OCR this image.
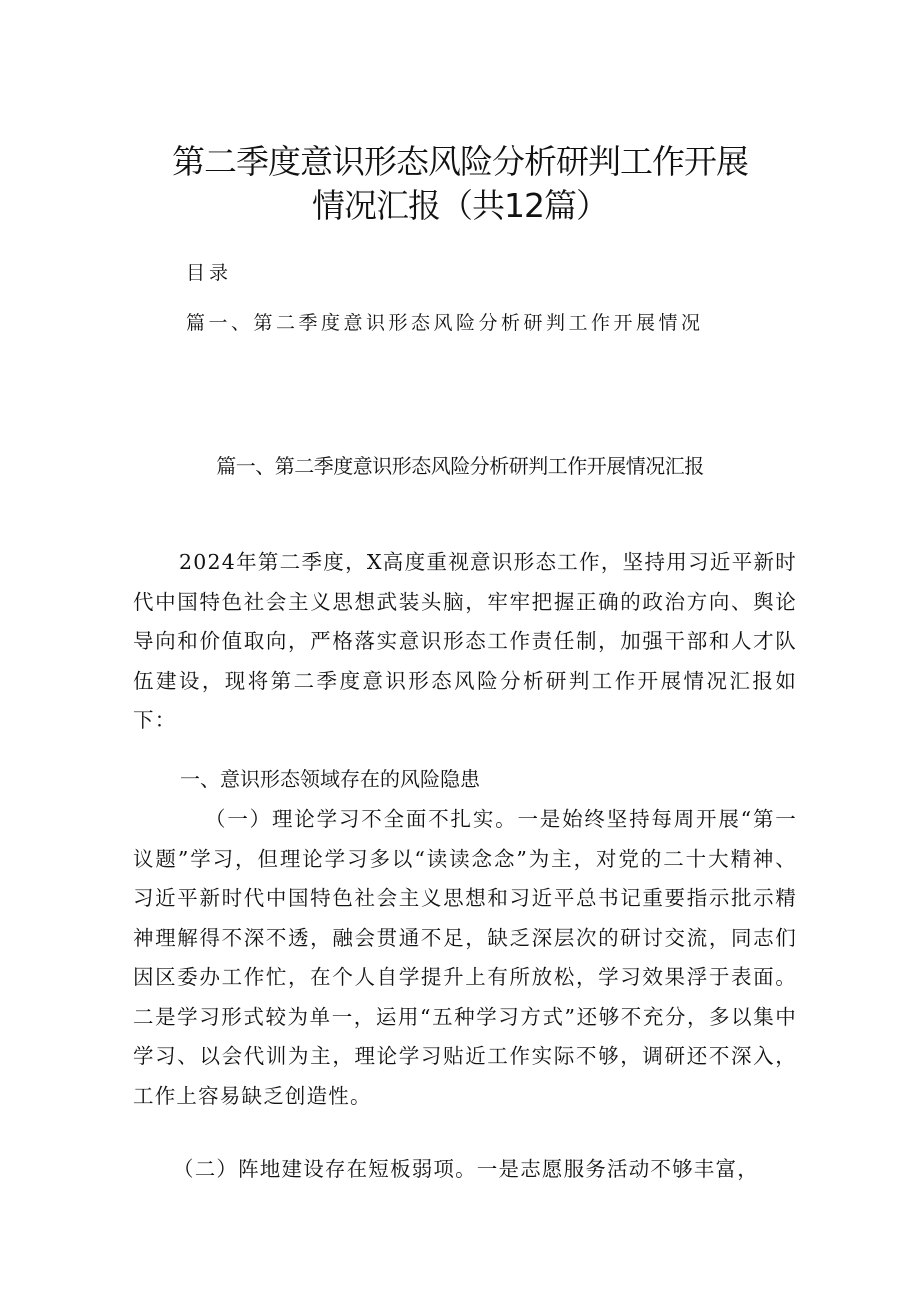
第二季度意识形态风险分析研判工作开展
情况汇报（共12篇）
目录
篇一、第二季度意识形态风险分析研判工作开展情况
篇一、第二季度意识形态风险分析研判工作开展情况汇报

2024年第二季度，X高度重视意识形态工作，坚持用习近平新时代中国特色社会主义思想武装头脑，牢牢把握正确的政治方向、舆论导向和价值取向，严格落实意识形态工作责任制，加强干部和人才队伍建设，现将第二季度意识形态风险分析研判工作开展情况汇报如下：

一、意识形态领域存在的风险隐患

（一）理论学习不全面不扎实。一是始终坚持每周开展“第一议题”学习，但理论学习多以“读读念念”为主，对党的二十大精神、习近平新时代中国特色社会主义思想和习近平总书记重要指示批示精神理解得不深不透，融会贯通不足，缺乏深层次的研讨交流，同志们因区委办工作忙，在个人自学提升上有所放松，学习效果浮于表面。二是学习形式较为单一，运用“五种学习方式”还够不充分，多以集中学习、以会代训为主，理论学习贴近工作实际不够，调研还不深入，工作上容易缺乏创造性。

（二）阵地建设存在短板弱项。一是志愿服务活动不够丰富，
